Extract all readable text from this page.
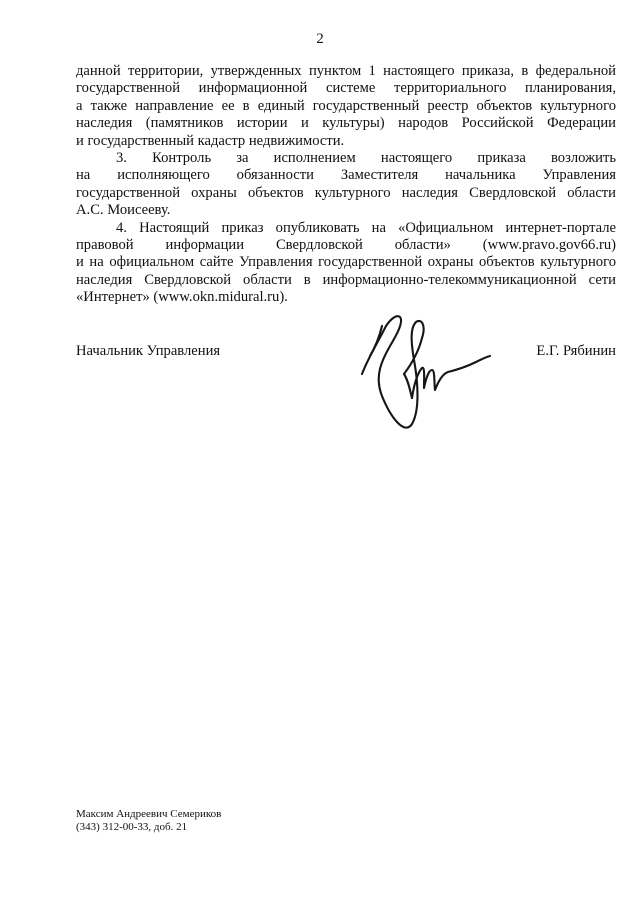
2
данной территории, утвержденных пунктом 1 настоящего приказа, в федеральной
государственной информационной системе территориального планирования,
а также направление ее в единый государственный реестр объектов культурного
наследия (памятников истории и культуры) народов Российской Федерации
и государственный кадастр недвижимости.
3. Контроль за исполнением настоящего приказа возложить
на исполняющего обязанности Заместителя начальника Управления
государственной охраны объектов культурного наследия Свердловской области
А.С. Моисееву.
4. Настоящий приказ опубликовать на «Официальном интернет-портале
правовой информации Свердловской области» (www.pravo.gov66.ru)
и на официальном сайте Управления государственной охраны объектов культурного
наследия Свердловской области в информационно-телекоммуникационной сети
«Интернет» (www.okn.midural.ru).
Начальник Управления	Е.Г. Рябинин
Максим Андреевич Семериков
(343) 312-00-33, доб. 21
